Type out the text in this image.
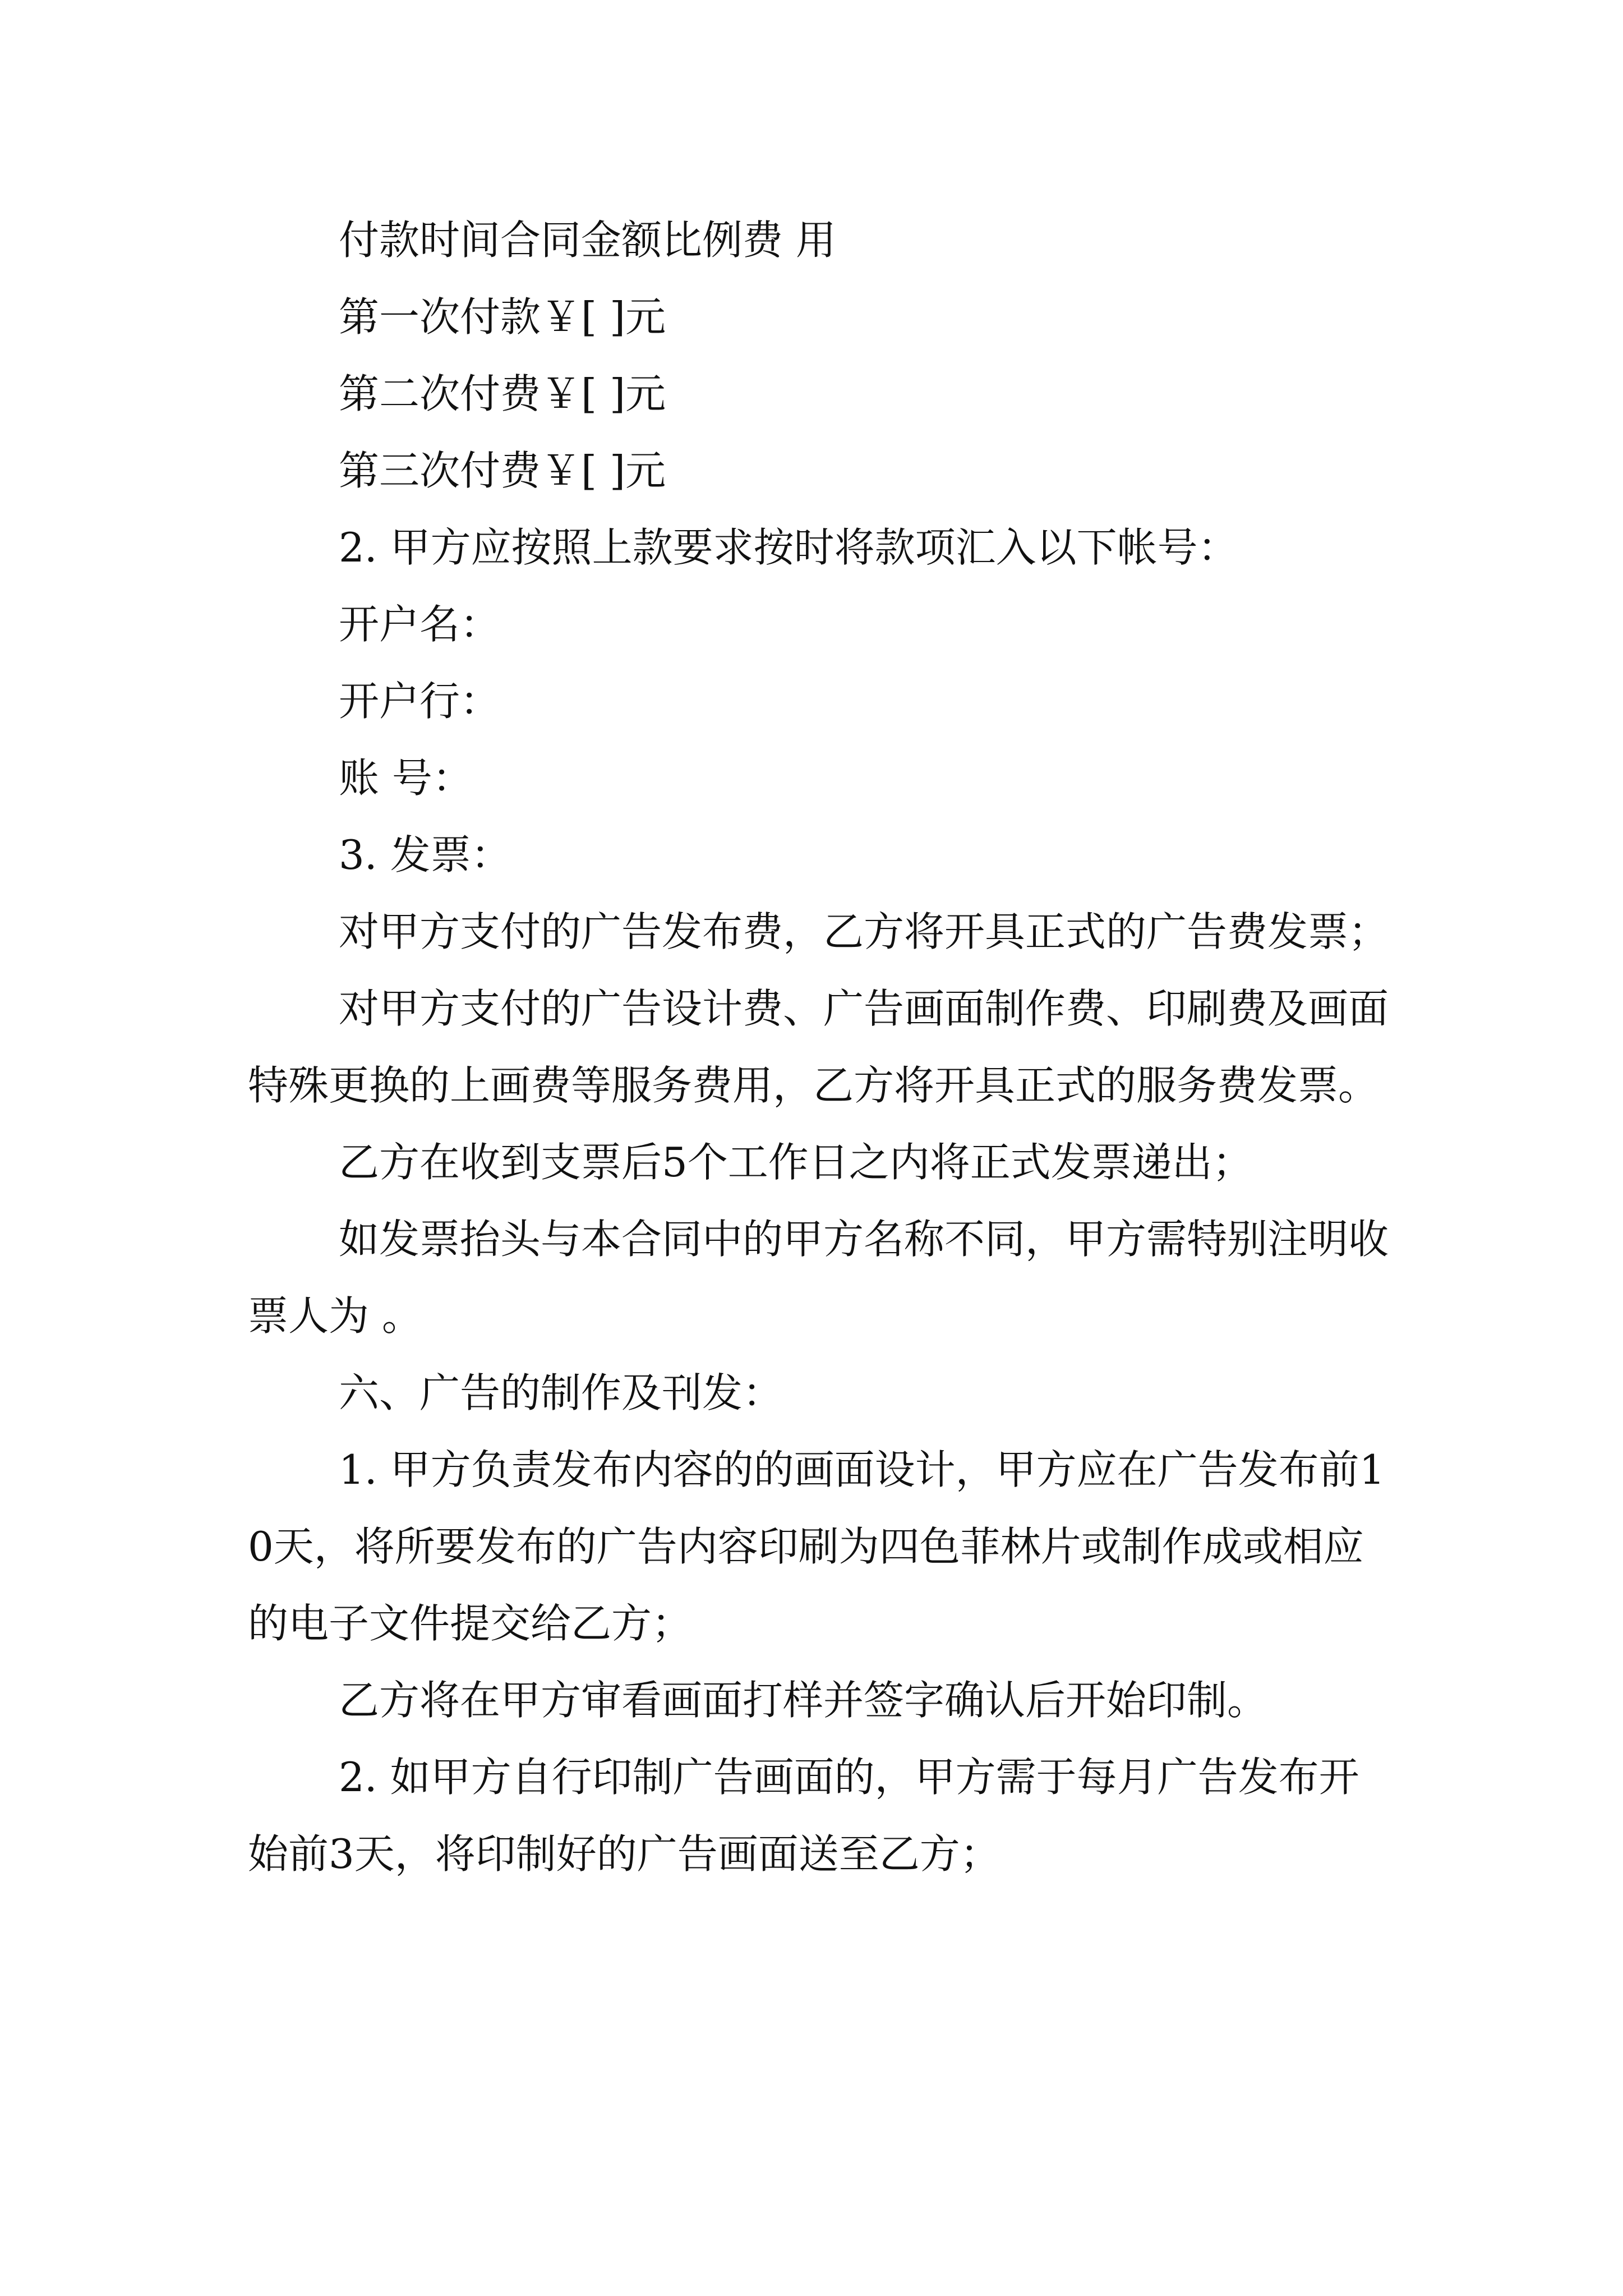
付款时间合同金额比例费 用

第一次付款￥[ ]元

第二次付费￥[ ]元

第三次付费￥[ ]元

2. 甲方应按照上款要求按时将款项汇入以下帐号：

开户名：

开户行：

账 号：

3. 发票：

对甲方支付的广告发布费，乙方将开具正式的广告费发票；

对甲方支付的广告设计费、广告画面制作费、印刷费及画面特殊更换的上画费等服务费用，乙方将开具正式的服务费发票。

乙方在收到支票后5个工作日之内将正式发票递出；

如发票抬头与本合同中的甲方名称不同，甲方需特别注明收票人为 。

六、广告的制作及刊发：

1. 甲方负责发布内容的的画面设计，甲方应在广告发布前10天，将所要发布的广告内容印刷为四色菲林片或制作成或相应的电子文件提交给乙方；

乙方将在甲方审看画面打样并签字确认后开始印制。

2. 如甲方自行印制广告画面的，甲方需于每月广告发布开始前3天，将印制好的广告画面送至乙方；
